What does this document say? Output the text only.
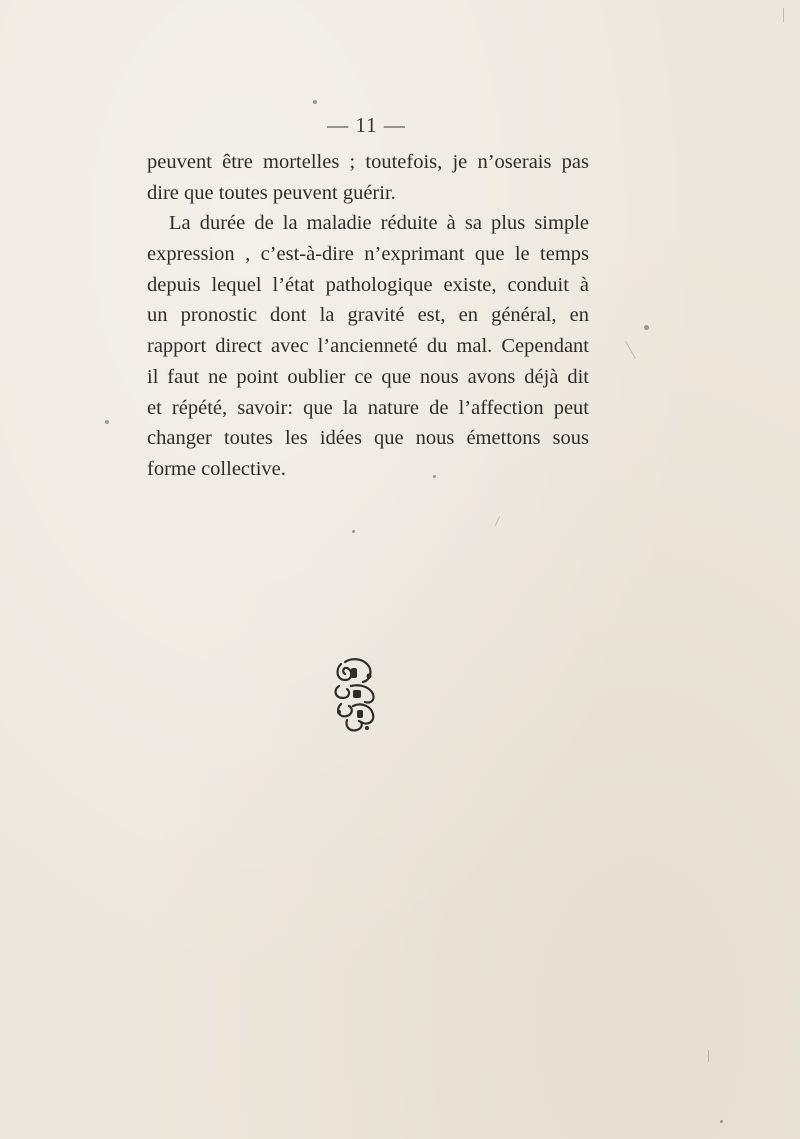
— 11 —
peuvent être mortelles ; toutefois, je n’oserais pas
dire que toutes peuvent guérir.
La durée de la maladie réduite à sa plus simple
expression , c’est-à-dire n’exprimant que le temps
depuis lequel l’état pathologique existe, conduit à
un pronostic dont la gravité est, en général, en
rapport direct avec l’ancienneté du mal. Cependant
il faut ne point oublier ce que nous avons déjà dit
et répété, savoir: que la nature de l’affection peut
changer toutes les idées que nous émettons sous
forme collective.
